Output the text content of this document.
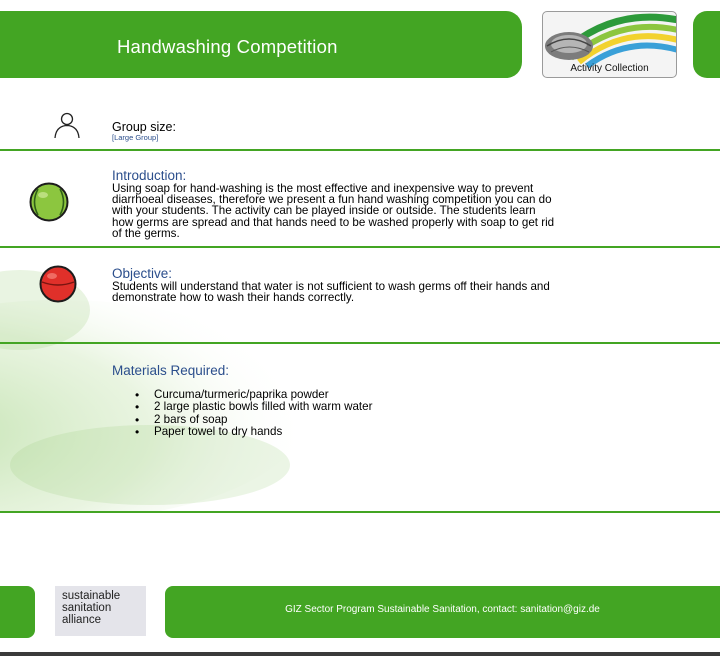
Handwashing Competition
Activity Collection
Group size:
[Large Group]
Introduction:
Using soap for hand-washing is the most effective and inexpensive way to prevent
diarrhoeal diseases, therefore we present a fun hand washing competition you can do
with your students. The activity can be played inside or outside. The students learn
how germs are spread and that hands need to be washed properly with soap to get rid
of the germs.
Objective:
Students will understand that water is not sufficient to wash germs off their hands and
demonstrate how to wash their hands correctly.
Materials Required:
• Curcuma/turmeric/paprika powder
• 2 large plastic bowls filled with warm water
• 2 bars of soap
• Paper towel to dry hands
sustainable
sanitation
alliance
GIZ Sector Program Sustainable Sanitation, contact: sanitation@giz.de
